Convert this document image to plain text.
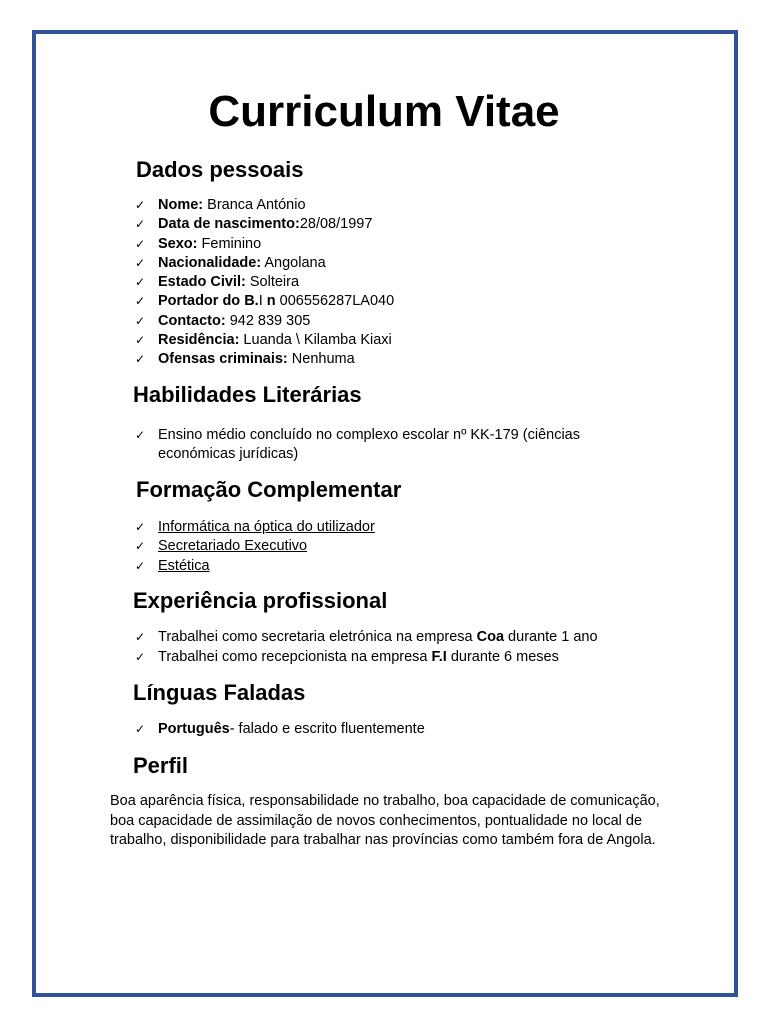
Curriculum Vitae
Dados pessoais
✓ Nome: Branca António
✓ Data de nascimento:28/08/1997
✓ Sexo: Feminino
✓ Nacionalidade: Angolana
✓ Estado Civil: Solteira
✓ Portador do B.I n 006556287LA040
✓ Contacto: 942 839 305
✓ Residência: Luanda \ Kilamba Kiaxi
✓ Ofensas criminais: Nenhuma
Habilidades Literárias
✓ Ensino médio concluído no complexo escolar nº KK-179 (ciências económicas jurídicas)
Formação Complementar
✓ Informática na óptica do utilizador
✓ Secretariado Executivo
✓ Estética
Experiência profissional
✓ Trabalhei como secretaria eletrónica na empresa Coa durante 1 ano
✓ Trabalhei como recepcionista na empresa F.I durante 6 meses
Línguas Faladas
✓ Português- falado e escrito fluentemente
Perfil

Boa aparência física, responsabilidade no trabalho, boa capacidade de comunicação, boa capacidade de assimilação de novos conhecimentos, pontualidade no local de trabalho, disponibilidade para trabalhar nas províncias como também fora de Angola.
